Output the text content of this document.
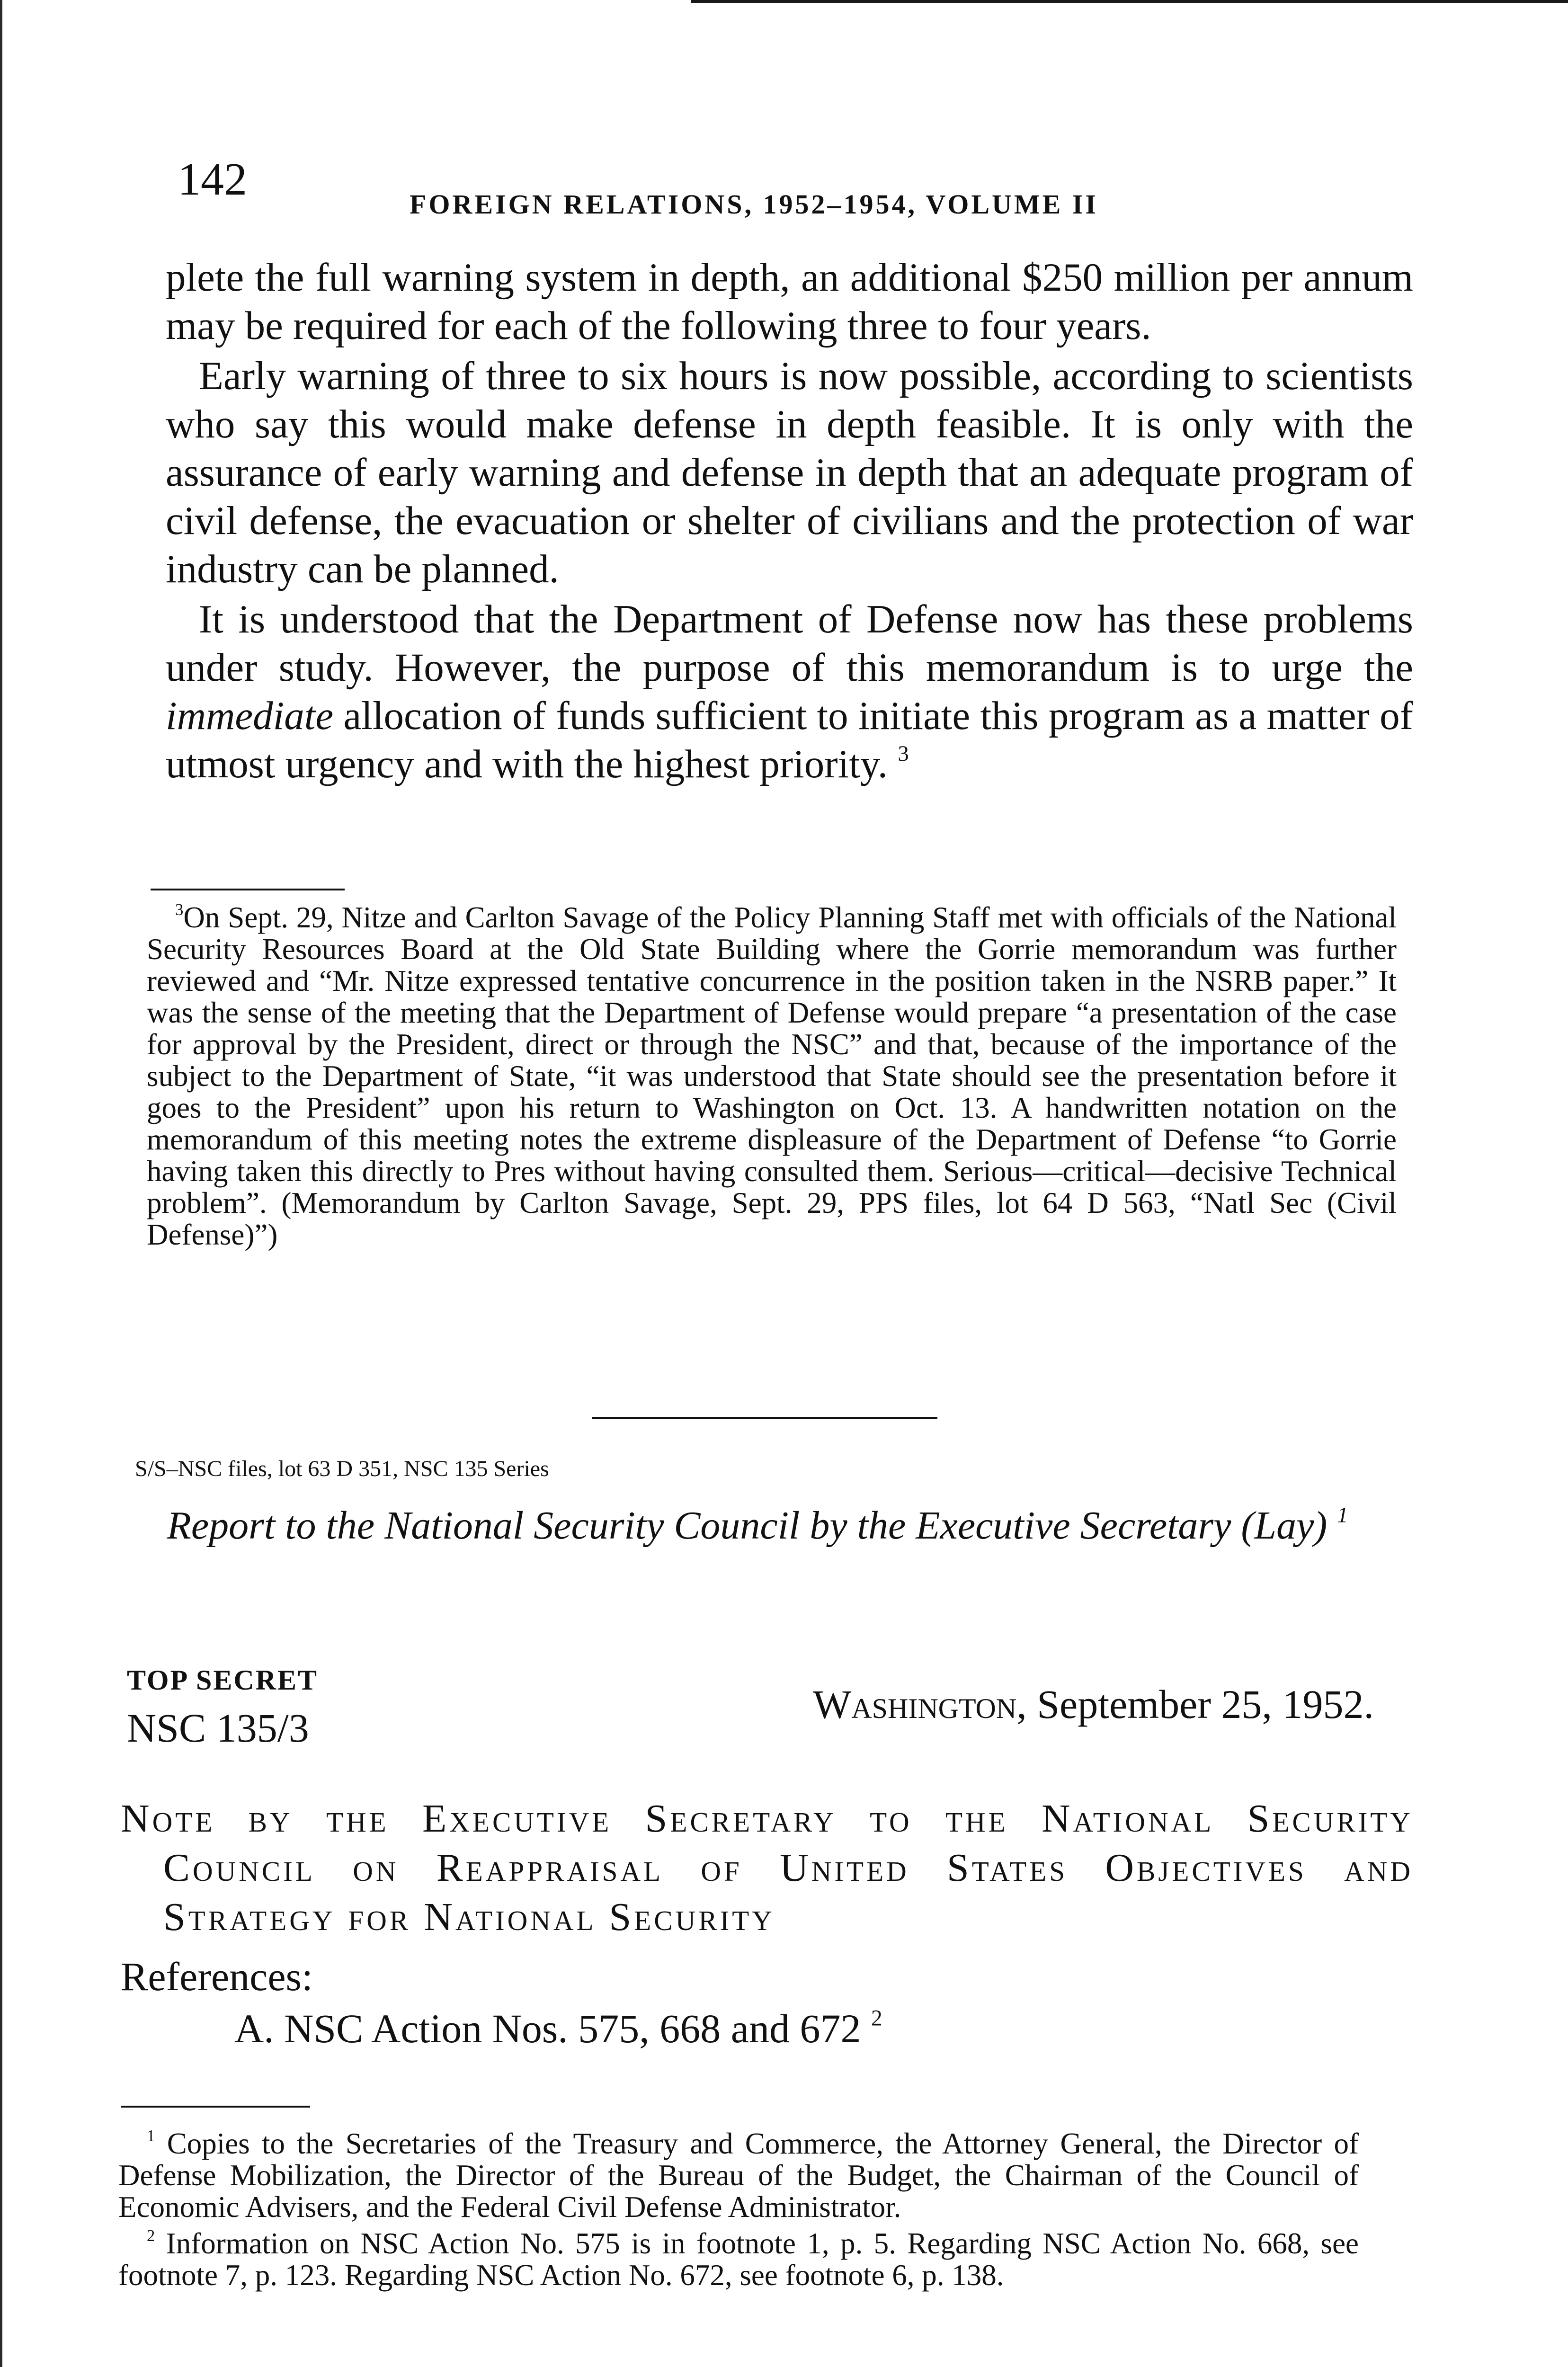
142	FOREIGN RELATIONS, 1952–1954, VOLUME II

plete the full warning system in depth, an additional $250 million per annum may be required for each of the following three to four years.

Early warning of three to six hours is now possible, according to scientists who say this would make defense in depth feasible. It is only with the assurance of early warning and defense in depth that an adequate program of civil defense, the evacuation or shelter of civilians and the protection of war industry can be planned.

It is understood that the Department of Defense now has these problems under study. However, the purpose of this memorandum is to urge the immediate allocation of funds sufficient to initiate this program as a matter of utmost urgency and with the highest priority. $^3$

$^3$On Sept. 29, Nitze and Carlton Savage of the Policy Planning Staff met with officials of the National Security Resources Board at the Old State Building where the Gorrie memorandum was further reviewed and “Mr. Nitze expressed tentative concurrence in the position taken in the NSRB paper.” It was the sense of the meeting that the Department of Defense would prepare “a presentation of the case for approval by the President, direct or through the NSC” and that, because of the importance of the subject to the Department of State, “it was understood that State should see the presentation before it goes to the President” upon his return to Washington on Oct. 13. A handwritten notation on the memorandum of this meeting notes the extreme displeasure of the Department of Defense “to Gorrie having taken this directly to Pres without having consulted them. Serious—critical—decisive Technical problem”. (Memorandum by Carlton Savage, Sept. 29, PPS files, lot 64 D 563, “Natl Sec (Civil Defense)”)

S/S–NSC files, lot 63 D 351, NSC 135 Series
Report to the National Security Council by the Executive Secretary (Lay) $^1$
TOP SECRET
NSC 135/3
Washington, September 25, 1952.
Note by the Executive Secretary to the National Security Council on Reappraisal of United States Objectives and Strategy for National Security
References:
A. NSC Action Nos. 575, 668 and 672 $^2$

$^1$ Copies to the Secretaries of the Treasury and Commerce, the Attorney General, the Director of Defense Mobilization, the Director of the Bureau of the Budget, the Chairman of the Council of Economic Advisers, and the Federal Civil Defense Administrator.

$^2$ Information on NSC Action No. 575 is in footnote 1, p. 5. Regarding NSC Action No. 668, see footnote 7, p. 123. Regarding NSC Action No. 672, see footnote 6, p. 138.
